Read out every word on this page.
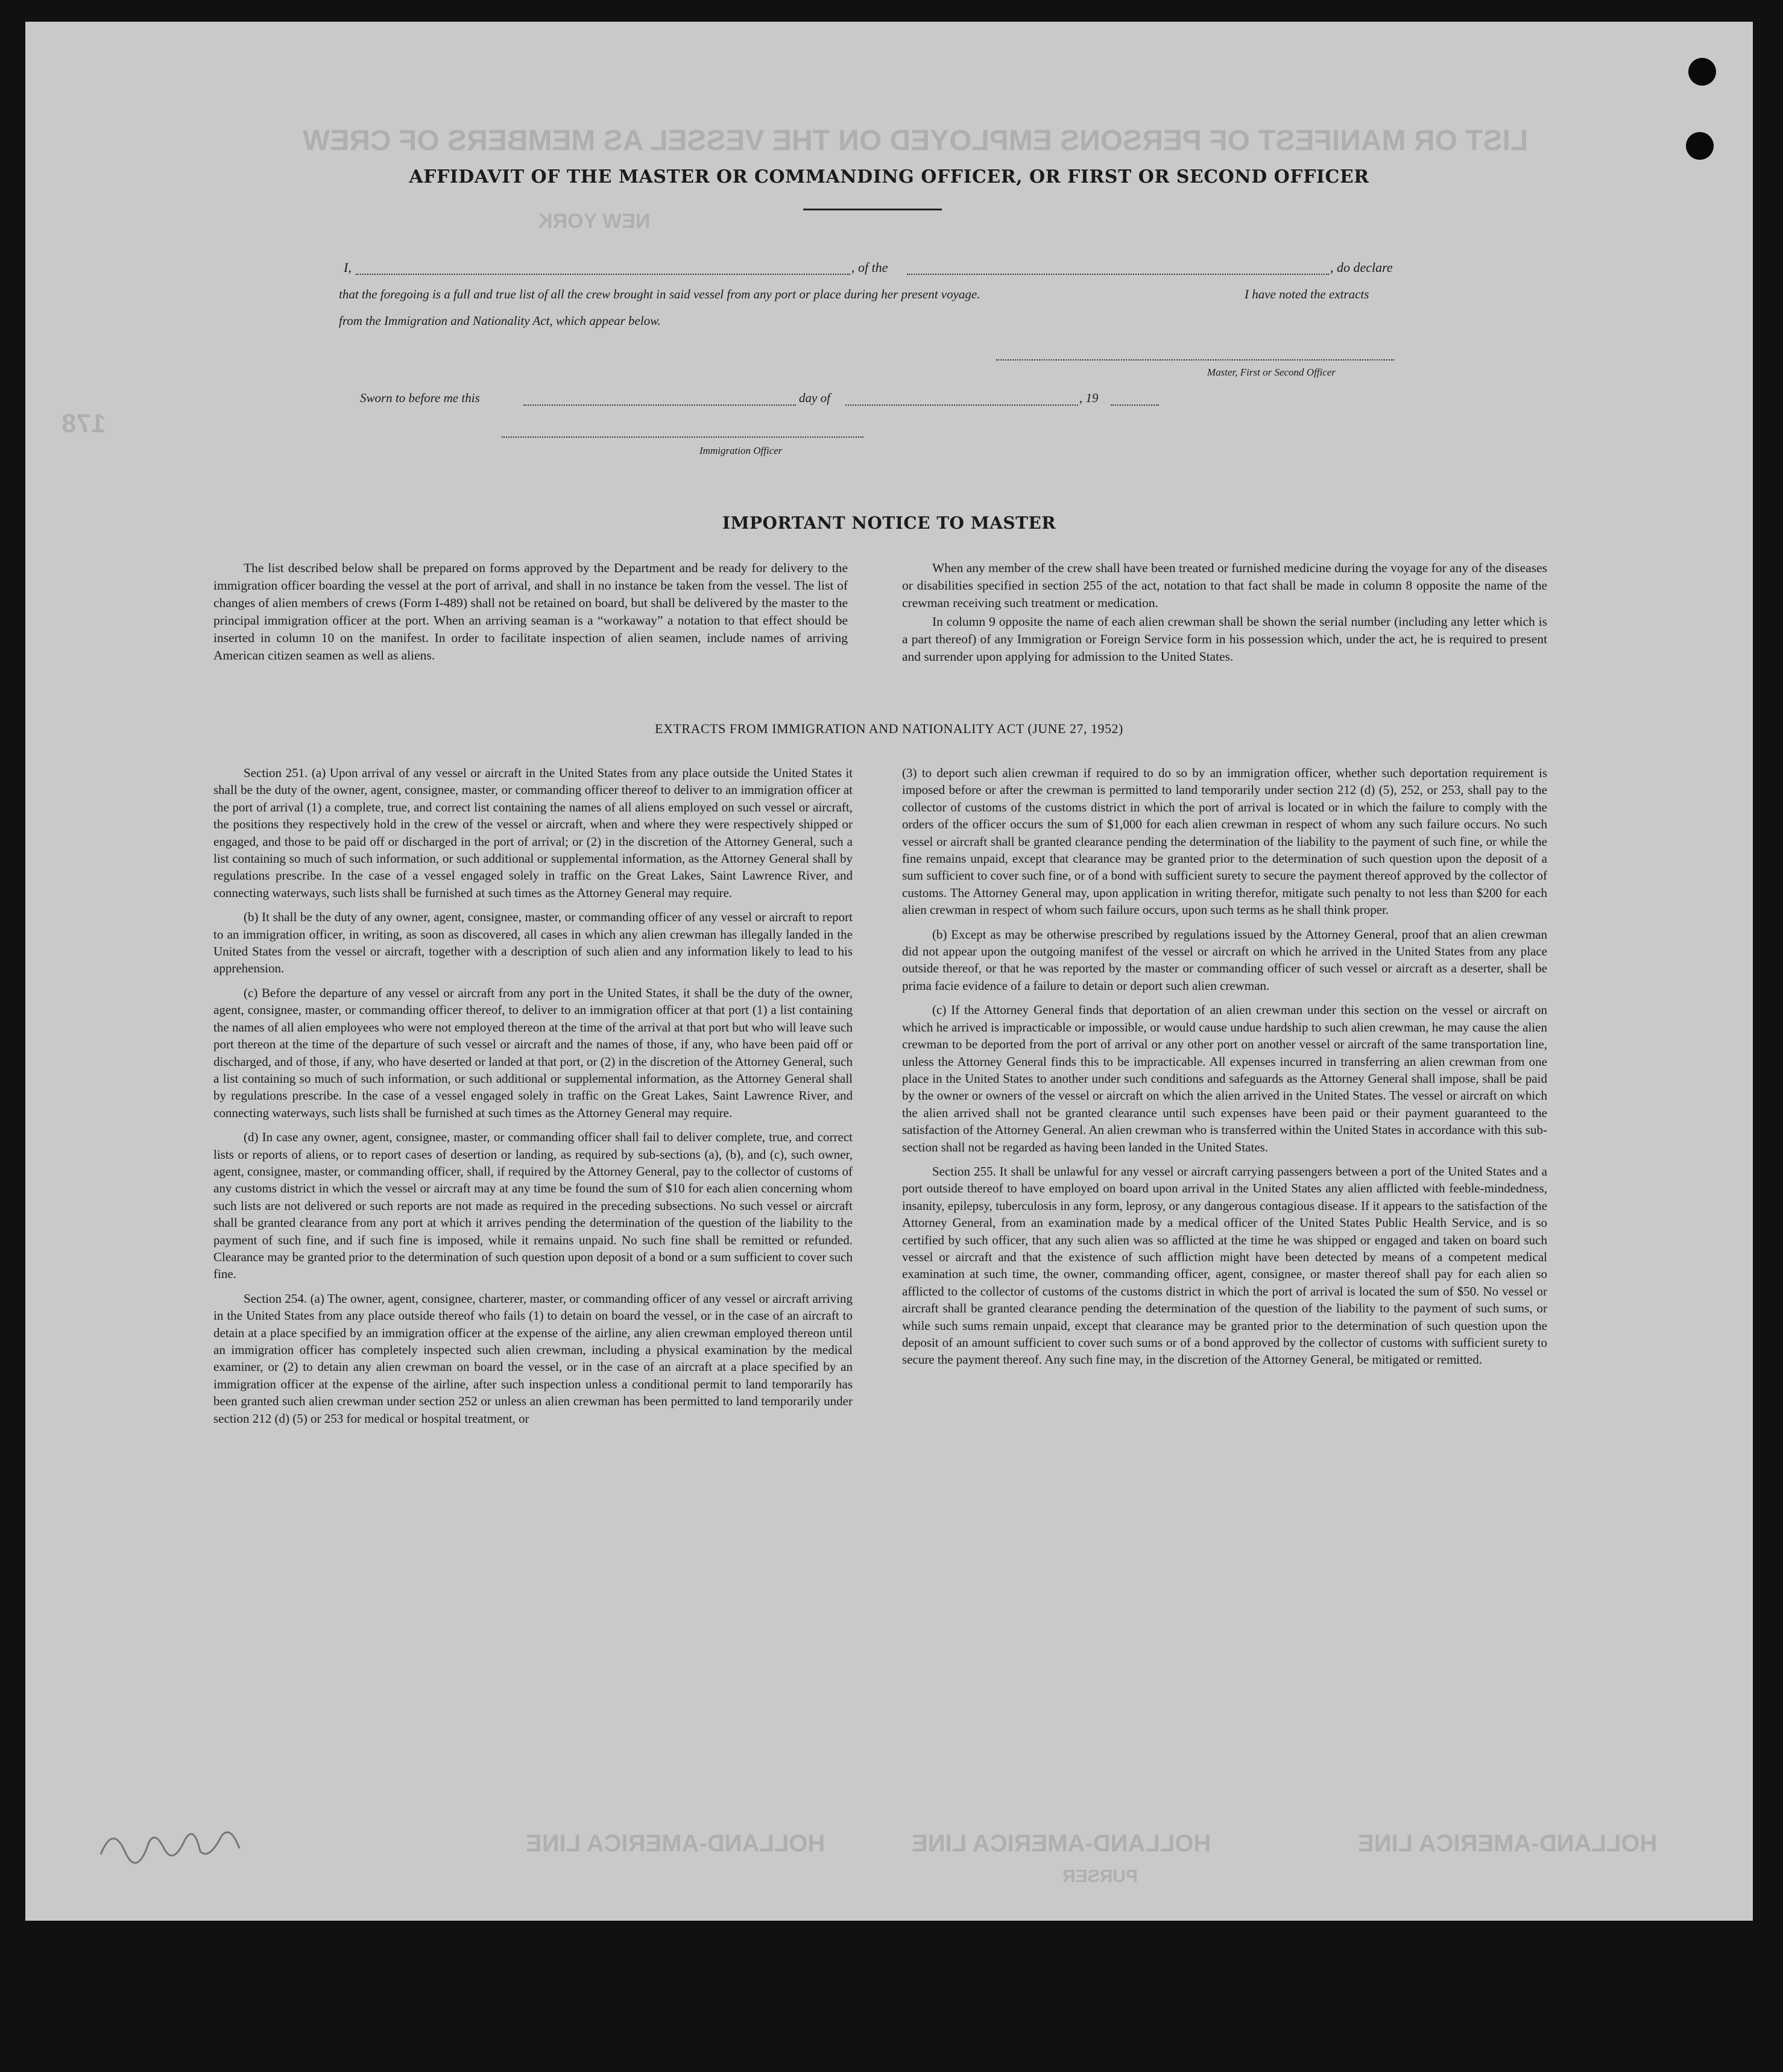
LIST OR MANIFEST OF PERSONS EMPLOYED ON THE VESSEL AS MEMBERS OF CREW
NEW YORK
178
HOLLAND-AMERICA LINE	HOLLAND-AMERICA LINE	HOLLAND-AMERICA LINE
PURSER
AFFIDAVIT OF THE MASTER OR COMMANDING OFFICER, OR FIRST OR SECOND OFFICER
I,	, of the	, do declare
that the foregoing is a full and true list of all the crew brought in said vessel from any port or place during her present voyage.	I have noted the extracts
from the Immigration and Nationality Act, which appear below.
Master, First or Second Officer
Sworn to before me this	day of	, 19
Immigration Officer
IMPORTANT NOTICE TO MASTER

The list described below shall be prepared on forms approved by the Department and be ready for delivery to the immigration officer boarding the vessel at the port of arrival, and shall in no instance be taken from the vessel. The list of changes of alien members of crews (Form I-489) shall not be retained on board, but shall be delivered by the master to the principal immigration officer at the port. When an arriving seaman is a “workaway” a notation to that effect should be inserted in column 10 on the manifest. In order to facilitate inspection of alien seamen, include names of arriving American citizen seamen as well as aliens.

When any member of the crew shall have been treated or furnished medicine during the voyage for any of the diseases or disabilities specified in section 255 of the act, notation to that fact shall be made in column 8 opposite the name of the crewman receiving such treatment or medication.

In column 9 opposite the name of each alien crewman shall be shown the serial number (including any letter which is a part thereof) of any Immigration or Foreign Service form in his possession which, under the act, he is required to present and surrender upon applying for admission to the United States.

EXTRACTS FROM IMMIGRATION AND NATIONALITY ACT (JUNE 27, 1952)

Section 251. (a) Upon arrival of any vessel or aircraft in the United States from any place outside the United States it shall be the duty of the owner, agent, consignee, master, or commanding officer thereof to deliver to an immigration officer at the port of arrival (1) a complete, true, and correct list containing the names of all aliens employed on such vessel or aircraft, the positions they respectively hold in the crew of the vessel or aircraft, when and where they were respectively shipped or engaged, and those to be paid off or discharged in the port of arrival; or (2) in the discretion of the Attorney General, such a list containing so much of such information, or such additional or supplemental information, as the Attorney General shall by regulations prescribe. In the case of a vessel engaged solely in traffic on the Great Lakes, Saint Lawrence River, and connecting waterways, such lists shall be furnished at such times as the Attorney General may require.

(b) It shall be the duty of any owner, agent, consignee, master, or commanding officer of any vessel or aircraft to report to an immigration officer, in writing, as soon as discovered, all cases in which any alien crewman has illegally landed in the United States from the vessel or aircraft, together with a description of such alien and any information likely to lead to his apprehension.

(c) Before the departure of any vessel or aircraft from any port in the United States, it shall be the duty of the owner, agent, consignee, master, or commanding officer thereof, to deliver to an immigration officer at that port (1) a list containing the names of all alien employees who were not employed thereon at the time of the arrival at that port but who will leave such port thereon at the time of the departure of such vessel or aircraft and the names of those, if any, who have been paid off or discharged, and of those, if any, who have deserted or landed at that port, or (2) in the discretion of the Attorney General, such a list containing so much of such information, or such additional or supplemental information, as the Attorney General shall by regulations prescribe. In the case of a vessel engaged solely in traffic on the Great Lakes, Saint Lawrence River, and connecting waterways, such lists shall be furnished at such times as the Attorney General may require.

(d) In case any owner, agent, consignee, master, or commanding officer shall fail to deliver complete, true, and correct lists or reports of aliens, or to report cases of desertion or landing, as required by sub-sections (a), (b), and (c), such owner, agent, consignee, master, or commanding officer, shall, if required by the Attorney General, pay to the collector of customs of any customs district in which the vessel or aircraft may at any time be found the sum of $10 for each alien concerning whom such lists are not delivered or such reports are not made as required in the preceding subsections. No such vessel or aircraft shall be granted clearance from any port at which it arrives pending the determination of the question of the liability to the payment of such fine, and if such fine is imposed, while it remains unpaid. No such fine shall be remitted or refunded. Clearance may be granted prior to the determination of such question upon deposit of a bond or a sum sufficient to cover such fine.

Section 254. (a) The owner, agent, consignee, charterer, master, or commanding officer of any vessel or aircraft arriving in the United States from any place outside thereof who fails (1) to detain on board the vessel, or in the case of an aircraft to detain at a place specified by an immigration officer at the expense of the airline, any alien crewman employed thereon until an immigration officer has completely inspected such alien crewman, including a physical examination by the medical examiner, or (2) to detain any alien crewman on board the vessel, or in the case of an aircraft at a place specified by an immigration officer at the expense of the airline, after such inspection unless a conditional permit to land temporarily has been granted such alien crewman under section 252 or unless an alien crewman has been permitted to land temporarily under section 212 (d) (5) or 253 for medical or hospital treatment, or

(3) to deport such alien crewman if required to do so by an immigration officer, whether such deportation requirement is imposed before or after the crewman is permitted to land temporarily under section 212 (d) (5), 252, or 253, shall pay to the collector of customs of the customs district in which the port of arrival is located or in which the failure to comply with the orders of the officer occurs the sum of $1,000 for each alien crewman in respect of whom any such failure occurs. No such vessel or aircraft shall be granted clearance pending the determination of the liability to the payment of such fine, or while the fine remains unpaid, except that clearance may be granted prior to the determination of such question upon the deposit of a sum sufficient to cover such fine, or of a bond with sufficient surety to secure the payment thereof approved by the collector of customs. The Attorney General may, upon application in writing therefor, mitigate such penalty to not less than $200 for each alien crewman in respect of whom such failure occurs, upon such terms as he shall think proper.

(b) Except as may be otherwise prescribed by regulations issued by the Attorney General, proof that an alien crewman did not appear upon the outgoing manifest of the vessel or aircraft on which he arrived in the United States from any place outside thereof, or that he was reported by the master or commanding officer of such vessel or aircraft as a deserter, shall be prima facie evidence of a failure to detain or deport such alien crewman.

(c) If the Attorney General finds that deportation of an alien crewman under this section on the vessel or aircraft on which he arrived is impracticable or impossible, or would cause undue hardship to such alien crewman, he may cause the alien crewman to be deported from the port of arrival or any other port on another vessel or aircraft of the same transportation line, unless the Attorney General finds this to be impracticable. All expenses incurred in transferring an alien crewman from one place in the United States to another under such conditions and safeguards as the Attorney General shall impose, shall be paid by the owner or owners of the vessel or aircraft on which the alien arrived in the United States. The vessel or aircraft on which the alien arrived shall not be granted clearance until such expenses have been paid or their payment guaranteed to the satisfaction of the Attorney General. An alien crewman who is transferred within the United States in accordance with this sub-section shall not be regarded as having been landed in the United States.

Section 255. It shall be unlawful for any vessel or aircraft carrying passengers between a port of the United States and a port outside thereof to have employed on board upon arrival in the United States any alien afflicted with feeble-mindedness, insanity, epilepsy, tuberculosis in any form, leprosy, or any dangerous contagious disease. If it appears to the satisfaction of the Attorney General, from an examination made by a medical officer of the United States Public Health Service, and is so certified by such officer, that any such alien was so afflicted at the time he was shipped or engaged and taken on board such vessel or aircraft and that the existence of such affliction might have been detected by means of a competent medical examination at such time, the owner, commanding officer, agent, consignee, or master thereof shall pay for each alien so afflicted to the collector of customs of the customs district in which the port of arrival is located the sum of $50. No vessel or aircraft shall be granted clearance pending the determination of the question of the liability to the payment of such sums, or while such sums remain unpaid, except that clearance may be granted prior to the determination of such question upon the deposit of an amount sufficient to cover such sums or of a bond approved by the collector of customs with sufficient surety to secure the payment thereof. Any such fine may, in the discretion of the Attorney General, be mitigated or remitted.
